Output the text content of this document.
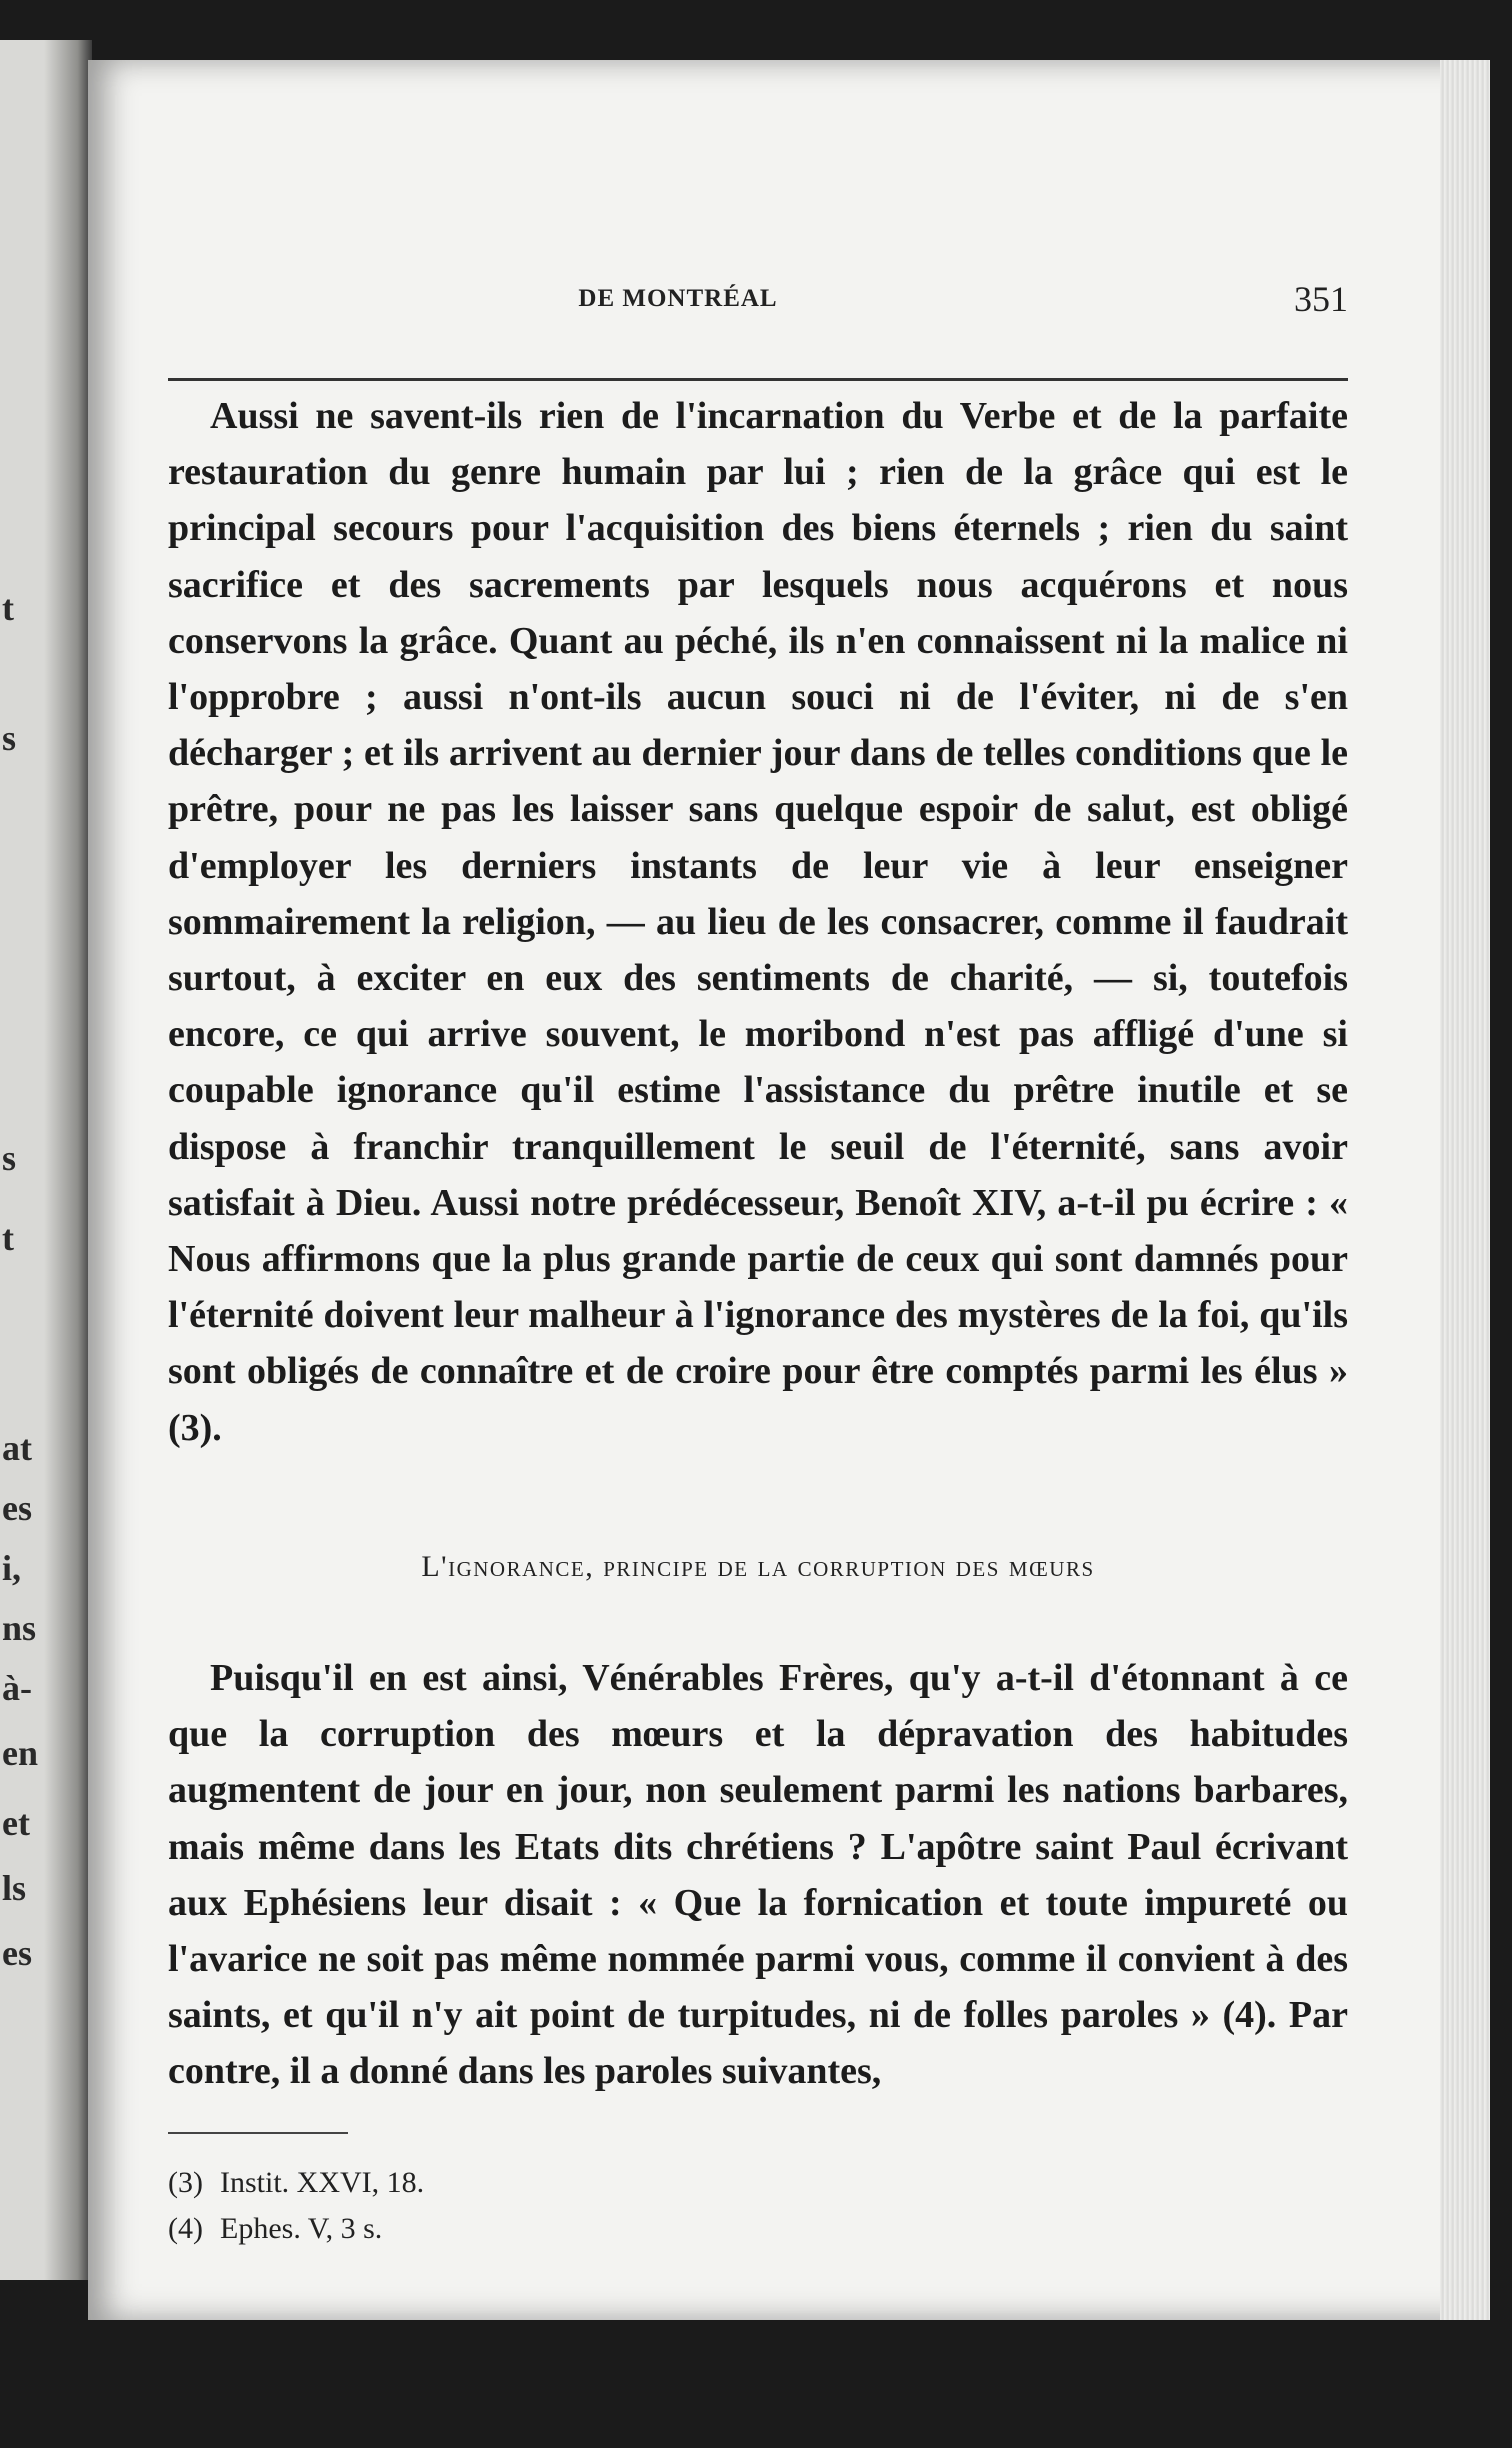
t
s
s
t
at
es
i,
ns
à-
en
et
ls
es
DE MONTRÉAL	351

Aussi ne savent-ils rien de l'incarnation du Verbe et de la parfaite restauration du genre humain par lui ; rien de la grâce qui est le principal secours pour l'acquisition des biens éternels ; rien du saint sacrifice et des sacrements par lesquels nous acquérons et nous conservons la grâce. Quant au péché, ils n'en connaissent ni la malice ni l'opprobre ; aussi n'ont-ils aucun souci ni de l'éviter, ni de s'en décharger ; et ils arrivent au dernier jour dans de telles conditions que le prêtre, pour ne pas les laisser sans quelque espoir de salut, est obligé d'employer les derniers instants de leur vie à leur enseigner sommairement la religion, — au lieu de les consacrer, comme il faudrait surtout, à exciter en eux des sentiments de charité, — si, toutefois encore, ce qui arrive souvent, le moribond n'est pas affligé d'une si coupable ignorance qu'il estime l'assistance du prêtre inutile et se dispose à franchir tranquillement le seuil de l'éternité, sans avoir satisfait à Dieu. Aussi notre prédécesseur, Benoît XIV, a-t-il pu écrire : « Nous affirmons que la plus grande partie de ceux qui sont damnés pour l'éternité doivent leur malheur à l'ignorance des mystères de la foi, qu'ils sont obligés de connaître et de croire pour être comptés parmi les élus » (3).

L'ignorance, principe de la corruption des mœurs

Puisqu'il en est ainsi, Vénérables Frères, qu'y a-t-il d'étonnant à ce que la corruption des mœurs et la dépravation des habitudes augmentent de jour en jour, non seulement parmi les nations barbares, mais même dans les Etats dits chrétiens ? L'apôtre saint Paul écrivant aux Ephésiens leur disait : « Que la fornication et toute impureté ou l'avarice ne soit pas même nommée parmi vous, comme il convient à des saints, et qu'il n'y ait point de turpitudes, ni de folles paroles » (4). Par contre, il a donné dans les paroles suivantes,

(3) Instit. XXVI, 18.
(4) Ephes. V, 3 s.
